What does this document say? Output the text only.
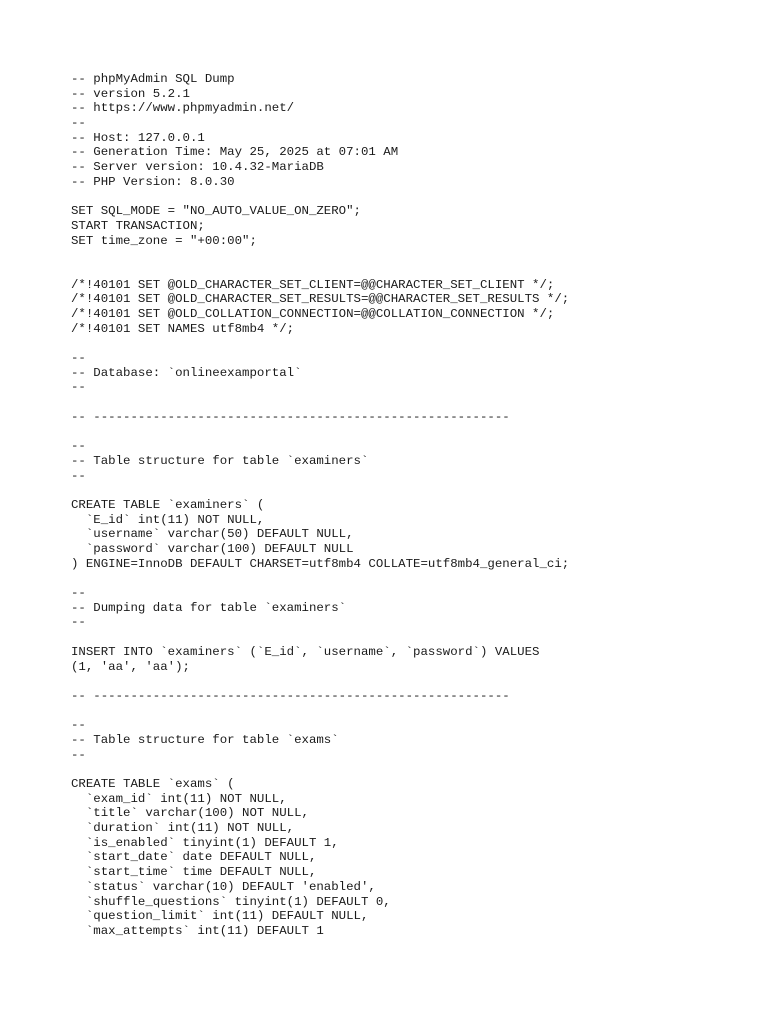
-- phpMyAdmin SQL Dump
-- version 5.2.1
-- https://www.phpmyadmin.net/
--
-- Host: 127.0.0.1
-- Generation Time: May 25, 2025 at 07:01 AM
-- Server version: 10.4.32-MariaDB
-- PHP Version: 8.0.30
SET SQL_MODE = "NO_AUTO_VALUE_ON_ZERO";
START TRANSACTION;
SET time_zone = "+00:00";
/*!40101 SET @OLD_CHARACTER_SET_CLIENT=@@CHARACTER_SET_CLIENT */;
/*!40101 SET @OLD_CHARACTER_SET_RESULTS=@@CHARACTER_SET_RESULTS */;
/*!40101 SET @OLD_COLLATION_CONNECTION=@@COLLATION_CONNECTION */;
/*!40101 SET NAMES utf8mb4 */;
--
-- Database: `onlineexamportal`
--
-- --------------------------------------------------------
--
-- Table structure for table `examiners`
--
CREATE TABLE `examiners` (
`E_id` int(11) NOT NULL,
`username` varchar(50) DEFAULT NULL,
`password` varchar(100) DEFAULT NULL
) ENGINE=InnoDB DEFAULT CHARSET=utf8mb4 COLLATE=utf8mb4_general_ci;
--
-- Dumping data for table `examiners`
--
INSERT INTO `examiners` (`E_id`, `username`, `password`) VALUES
(1, 'aa', 'aa');
-- --------------------------------------------------------
--
-- Table structure for table `exams`
--
CREATE TABLE `exams` (
`exam_id` int(11) NOT NULL,
`title` varchar(100) NOT NULL,
`duration` int(11) NOT NULL,
`is_enabled` tinyint(1) DEFAULT 1,
`start_date` date DEFAULT NULL,
`start_time` time DEFAULT NULL,
`status` varchar(10) DEFAULT 'enabled',
`shuffle_questions` tinyint(1) DEFAULT 0,
`question_limit` int(11) DEFAULT NULL,
`max_attempts` int(11) DEFAULT 1
